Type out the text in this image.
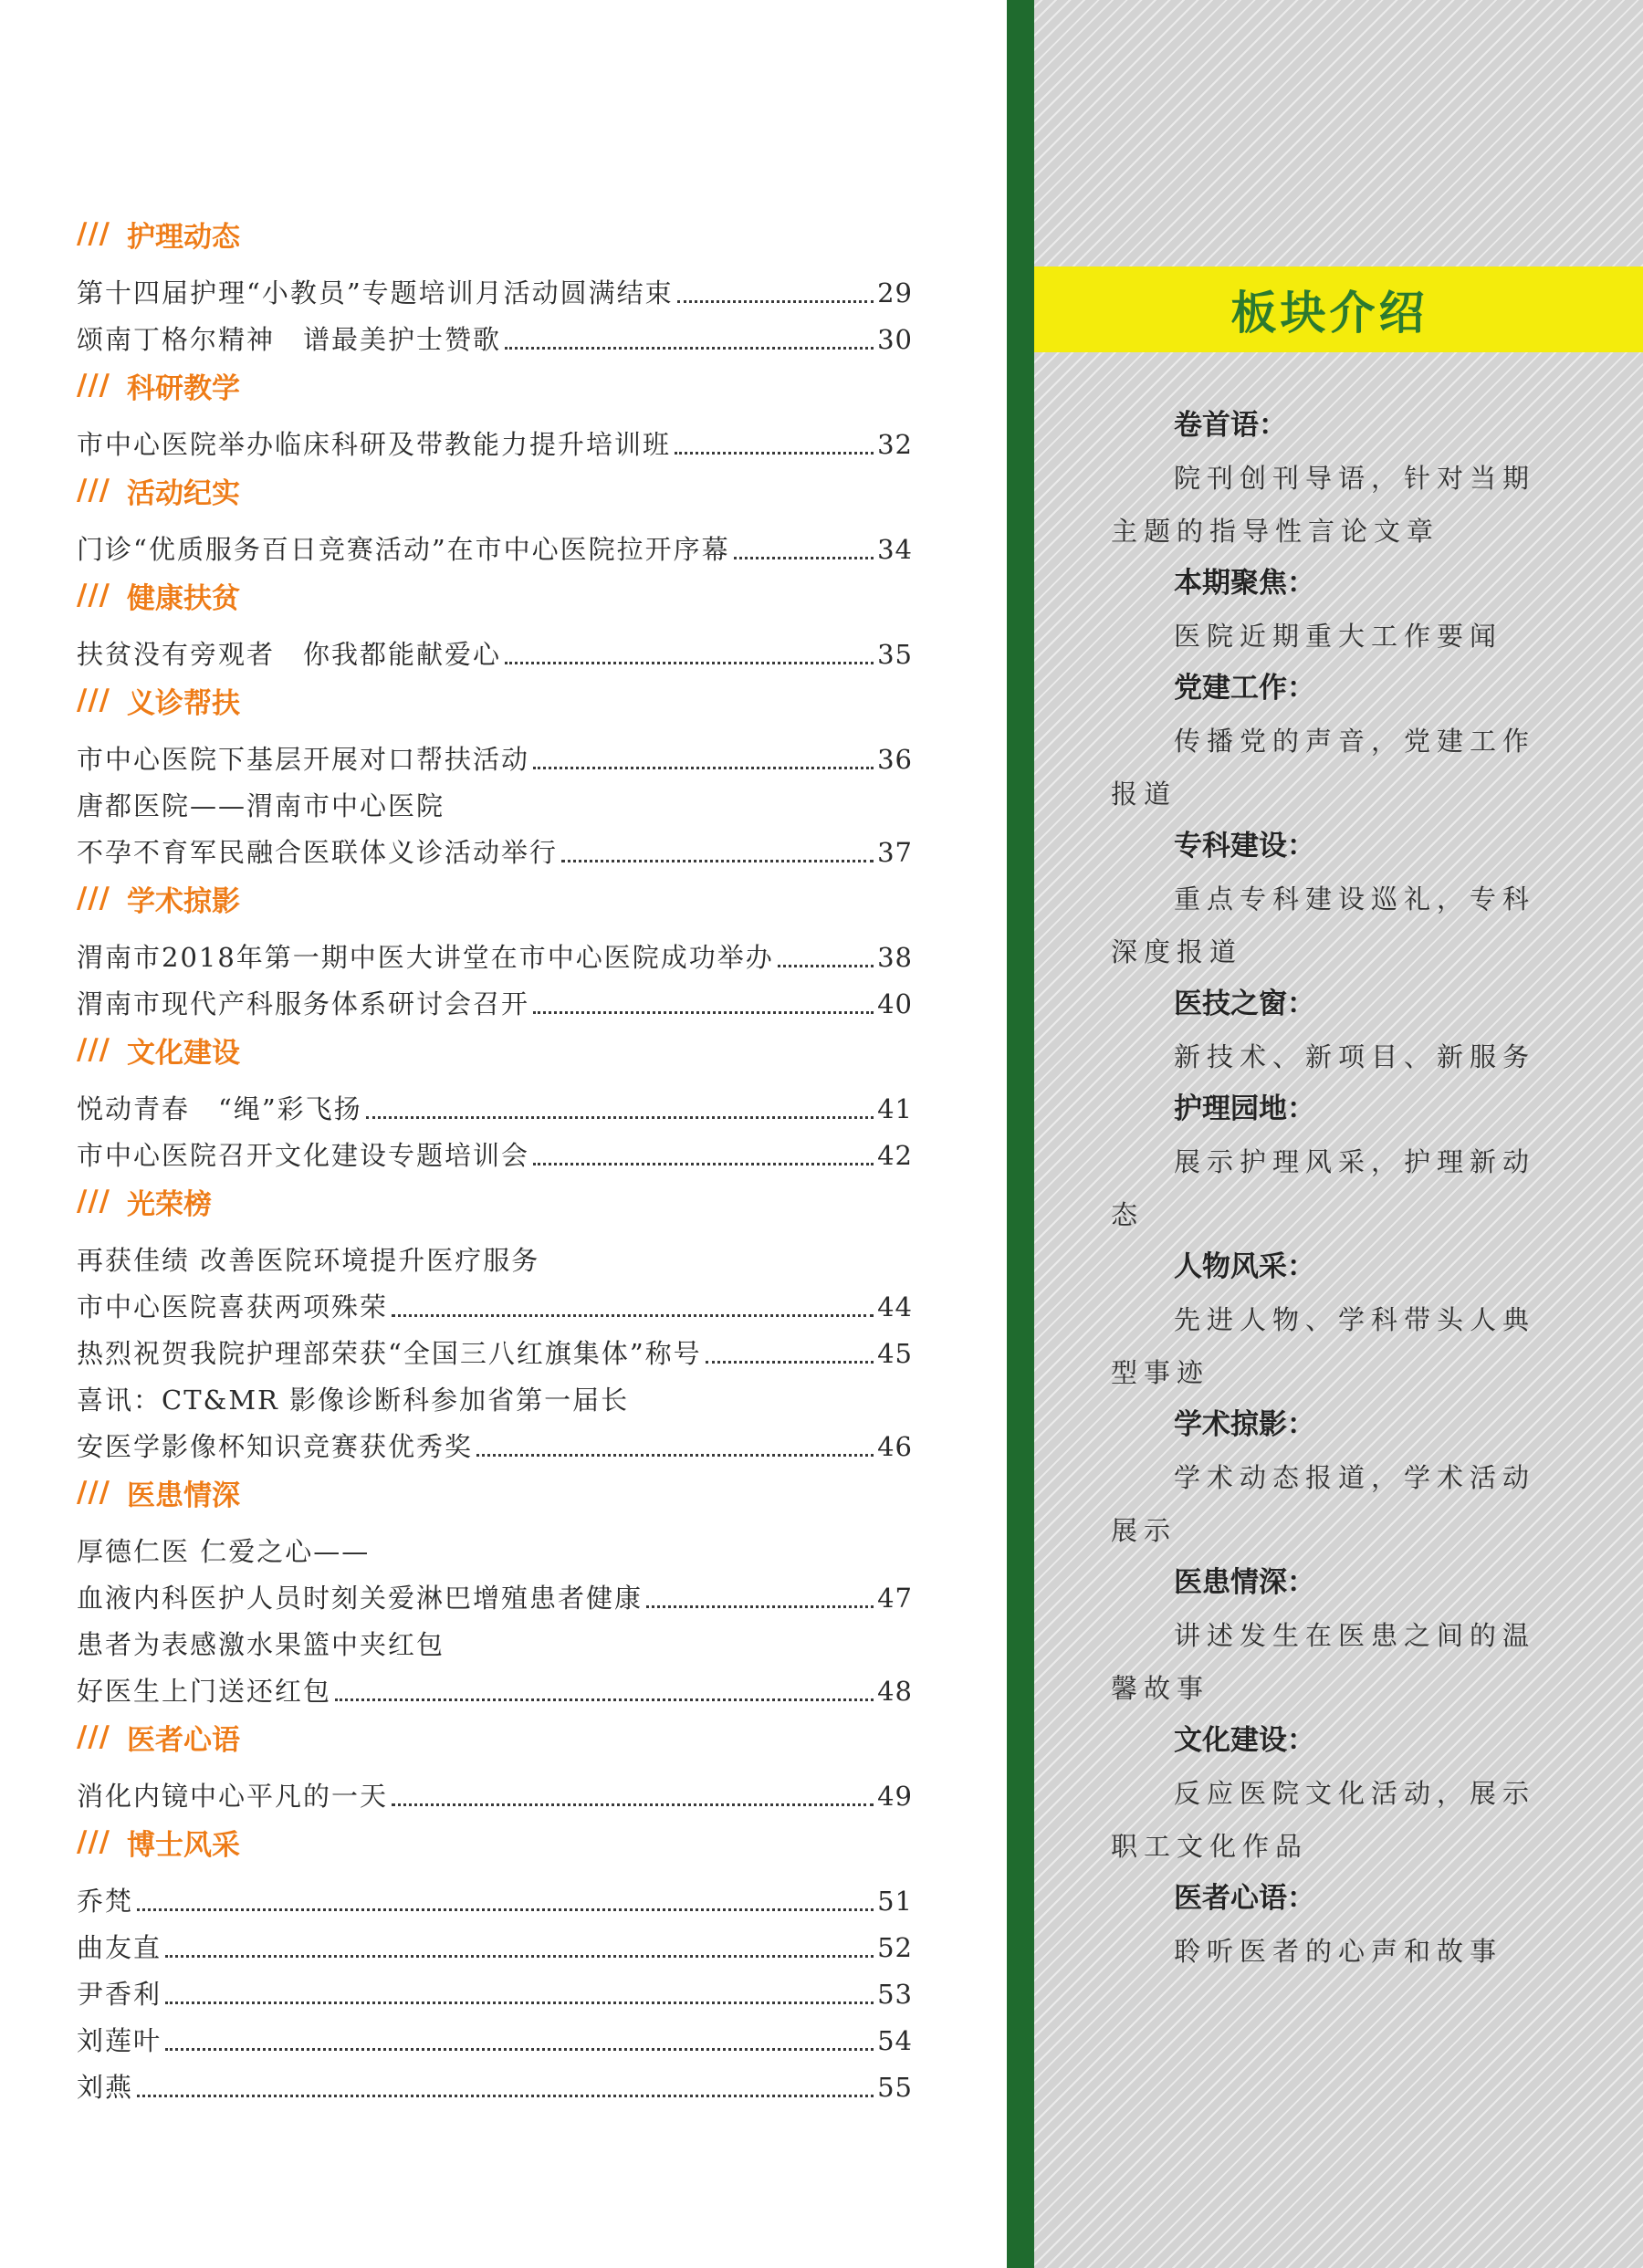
/// 护理动态
第十四届护理“小教员”专题培训月活动圆满结束	29
颂南丁格尔精神　谱最美护士赞歌	30
/// 科研教学
市中心医院举办临床科研及带教能力提升培训班	32
/// 活动纪实
门诊“优质服务百日竞赛活动”在市中心医院拉开序幕	34
/// 健康扶贫
扶贫没有旁观者　你我都能献爱心	35
/// 义诊帮扶
市中心医院下基层开展对口帮扶活动	36
唐都医院——渭南市中心医院
不孕不育军民融合医联体义诊活动举行	37
/// 学术掠影
渭南市2018年第一期中医大讲堂在市中心医院成功举办	38
渭南市现代产科服务体系研讨会召开	40
/// 文化建设
悦动青春　“绳”彩飞扬	41
市中心医院召开文化建设专题培训会	42
/// 光荣榜
再获佳绩 改善医院环境提升医疗服务
市中心医院喜获两项殊荣	44
热烈祝贺我院护理部荣获“全国三八红旗集体”称号	45
喜讯：CT&MR 影像诊断科参加省第一届长
安医学影像杯知识竞赛获优秀奖	46
/// 医患情深
厚德仁医 仁爱之心——
血液内科医护人员时刻关爱淋巴增殖患者健康	47
患者为表感激水果篮中夹红包
好医生上门送还红包	48
/// 医者心语
消化内镜中心平凡的一天	49
/// 博士风采
乔梵	51
曲友直	52
尹香利	53
刘莲叶	54
刘燕	55
板块介绍
卷首语：
院刊创刊导语，针对当期主题的指导性言论文章
本期聚焦：
医院近期重大工作要闻
党建工作：
传播党的声音，党建工作报道
专科建设：
重点专科建设巡礼，专科深度报道
医技之窗：
新技术、新项目、新服务
护理园地：
展示护理风采，护理新动态
人物风采：
先进人物、学科带头人典型事迹
学术掠影：
学术动态报道，学术活动展示
医患情深：
讲述发生在医患之间的温馨故事
文化建设：
反应医院文化活动，展示职工文化作品
医者心语：
聆听医者的心声和故事
